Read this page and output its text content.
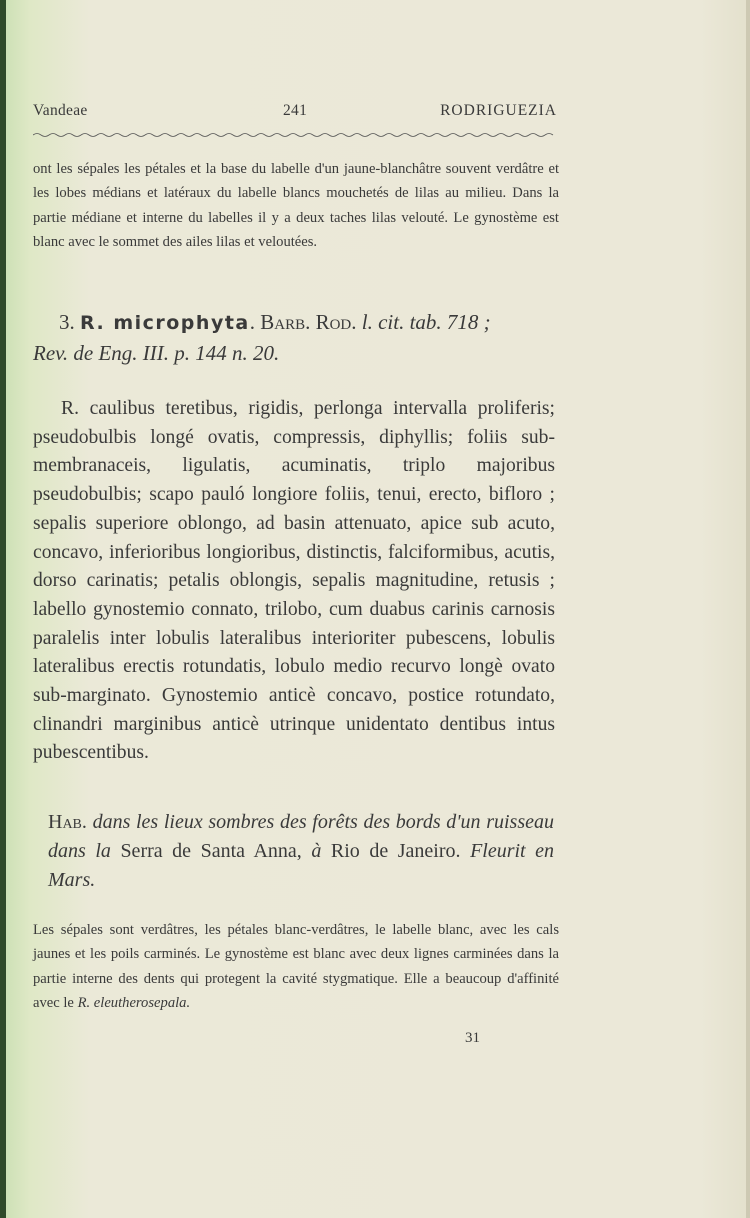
Vandeae	241	RODRIGUEZIA
ont les sépales les pétales et la base du labelle d'un jaune-blanchâtre souvent verdâtre et les lobes médians et latéraux du labelle blancs mouchetés de lilas au milieu. Dans la partie médiane et interne du labelles il y a deux taches lilas velouté. Le gynostème est blanc avec le sommet des ailes lilas et veloutées.
3. R. microphyta. Barb. Rod. l. cit. tab. 718 ;
Rev. de Eng. III. p. 144 n. 20.
R. caulibus teretibus, rigidis, perlonga intervalla proliferis; pseudobulbis longé ovatis, compressis, diphyllis; foliis sub-membranaceis, ligulatis, acuminatis, triplo majoribus pseudobulbis; scapo pauló longiore foliis, tenui, erecto, bifloro ; sepalis superiore oblongo, ad basin attenuato, apice sub acuto, concavo, inferioribus longioribus, distinctis, falciformibus, acutis, dorso carinatis; petalis oblongis, sepalis magnitudine, retusis ; labello gynostemio connato, trilobo, cum duabus carinis carnosis paralelis inter lobulis lateralibus interioriter pubescens, lobulis lateralibus erectis rotundatis, lobulo medio recurvo longè ovato sub-marginato. Gynostemio anticè concavo, postice rotundato, clinandri marginibus anticè utrinque unidentato dentibus intus pubescentibus.
Hab. dans les lieux sombres des forêts des bords d'un ruisseau dans la Serra de Santa Anna, à Rio de Janeiro. Fleurit en Mars.
Les sépales sont verdâtres, les pétales blanc-verdâtres, le labelle blanc, avec les cals jaunes et les poils carminés. Le gynostème est blanc avec deux lignes carminées dans la partie interne des dents qui protegent la cavité stygmatique. Elle a beaucoup d'affinité avec le R. eleutherosepala.
31
